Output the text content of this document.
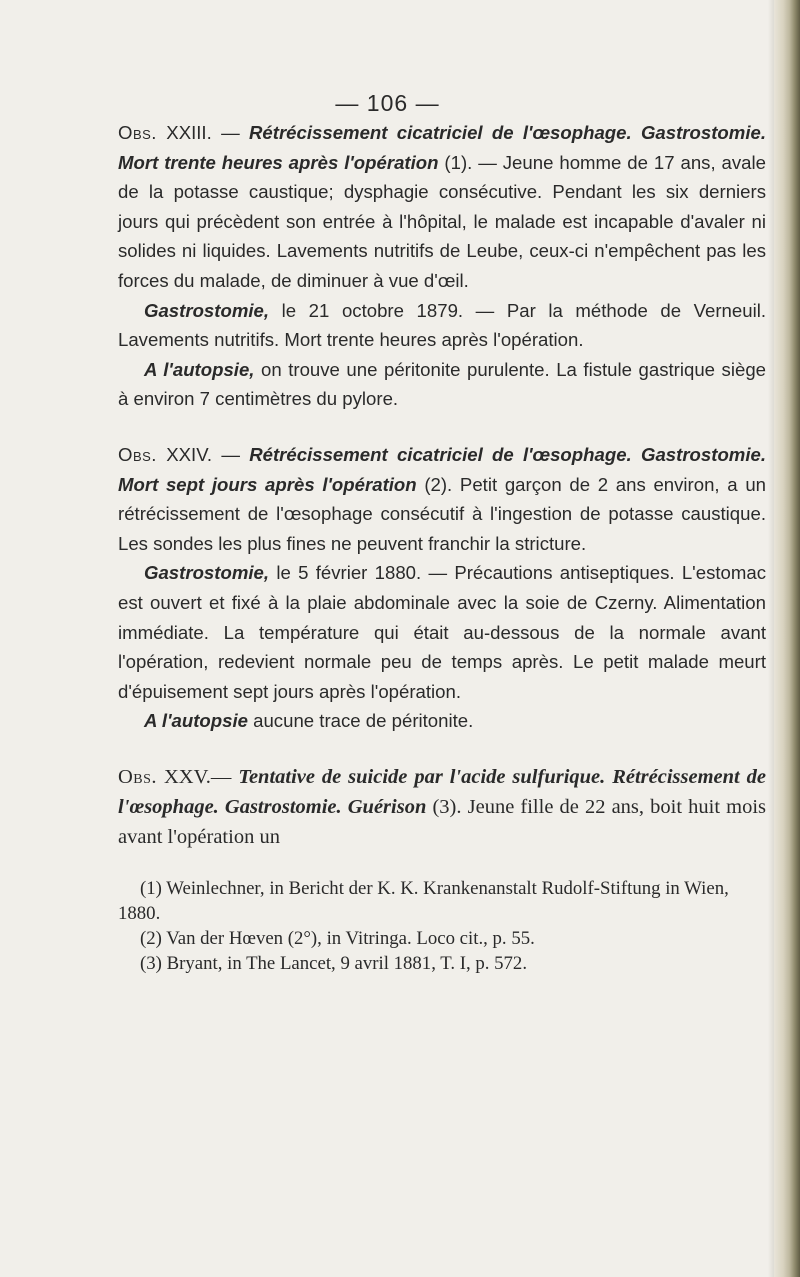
— 106 —

Obs. XXIII. — Rétrécissement cicatriciel de l'œsophage. Gastrostomie. Mort trente heures après l'opération (1). — Jeune homme de 17 ans, avale de la potasse caustique; dysphagie consécutive. Pendant les six derniers jours qui précèdent son entrée à l'hôpital, le malade est incapable d'avaler ni solides ni liquides. Lavements nutritifs de Leube, ceux-ci n'empêchent pas les forces du malade, de diminuer à vue d'œil.

Gastrostomie, le 21 octobre 1879. — Par la méthode de Verneuil. Lavements nutritifs. Mort trente heures après l'opération.

A l'autopsie, on trouve une péritonite purulente. La fistule gastrique siège à environ 7 centimètres du pylore.

Obs. XXIV. — Rétrécissement cicatriciel de l'œsophage. Gastrostomie. Mort sept jours après l'opération (2). Petit garçon de 2 ans environ, a un rétrécissement de l'œsophage consécutif à l'ingestion de potasse caustique. Les sondes les plus fines ne peuvent franchir la stricture.

Gastrostomie, le 5 février 1880. — Précautions antiseptiques. L'estomac est ouvert et fixé à la plaie abdominale avec la soie de Czerny. Alimentation immédiate. La température qui était au-dessous de la normale avant l'opération, redevient normale peu de temps après. Le petit malade meurt d'épuisement sept jours après l'opération.

A l'autopsie aucune trace de péritonite.

Obs. XXV.— Tentative de suicide par l'acide sulfurique. Rétrécissement de l'œsophage. Gastrostomie. Guérison (3). Jeune fille de 22 ans, boit huit mois avant l'opération un

(1) Weinlechner, in Bericht der K. K. Krankenanstalt Rudolf-Stiftung in Wien, 1880.

(2) Van der Hœven (2°), in Vitringa. Loco cit., p. 55.

(3) Bryant, in The Lancet, 9 avril 1881, T. I, p. 572.
